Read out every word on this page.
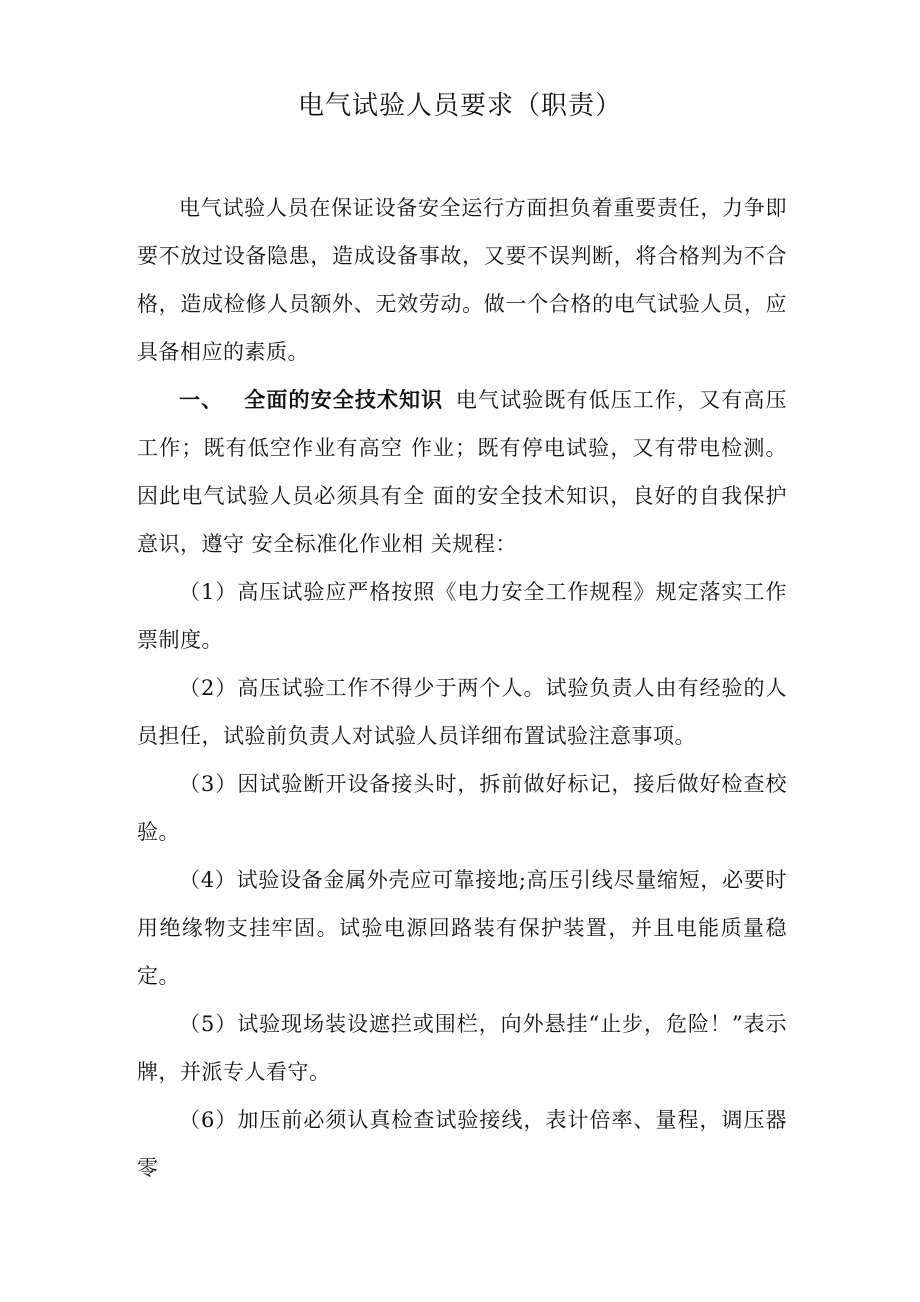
电气试验人员要求（职责）

电气试验人员在保证设备安全运行方面担负着重要责任，力争即要不放过设备隐患，造成设备事故，又要不误判断，将合格判为不合格，造成检修人员额外、无效劳动。做一个合格的电气试验人员，应具备相应的素质。

一、 全面的安全技术知识 电气试验既有低压工作，又有高压工作；既有低空作业有高空 作业；既有停电试验，又有带电检测。因此电气试验人员必须具有全 面的安全技术知识，良好的自我保护意识，遵守 安全标准化作业相 关规程：

（1）高压试验应严格按照《电力安全工作规程》规定落实工作票制度。

（2）高压试验工作不得少于两个人。试验负责人由有经验的人员担任，试验前负责人对试验人员详细布置试验注意事项。

（3）因试验断开设备接头时，拆前做好标记，接后做好检查校验。

（4）试验设备金属外壳应可靠接地;高压引线尽量缩短，必要时用绝缘物支挂牢固。试验电源回路装有保护装置，并且电能质量稳定。

（5）试验现场装设遮拦或围栏，向外悬挂“止步，危险！”表示牌，并派专人看守。

（6）加压前必须认真检查试验接线，表计倍率、量程，调压器零
